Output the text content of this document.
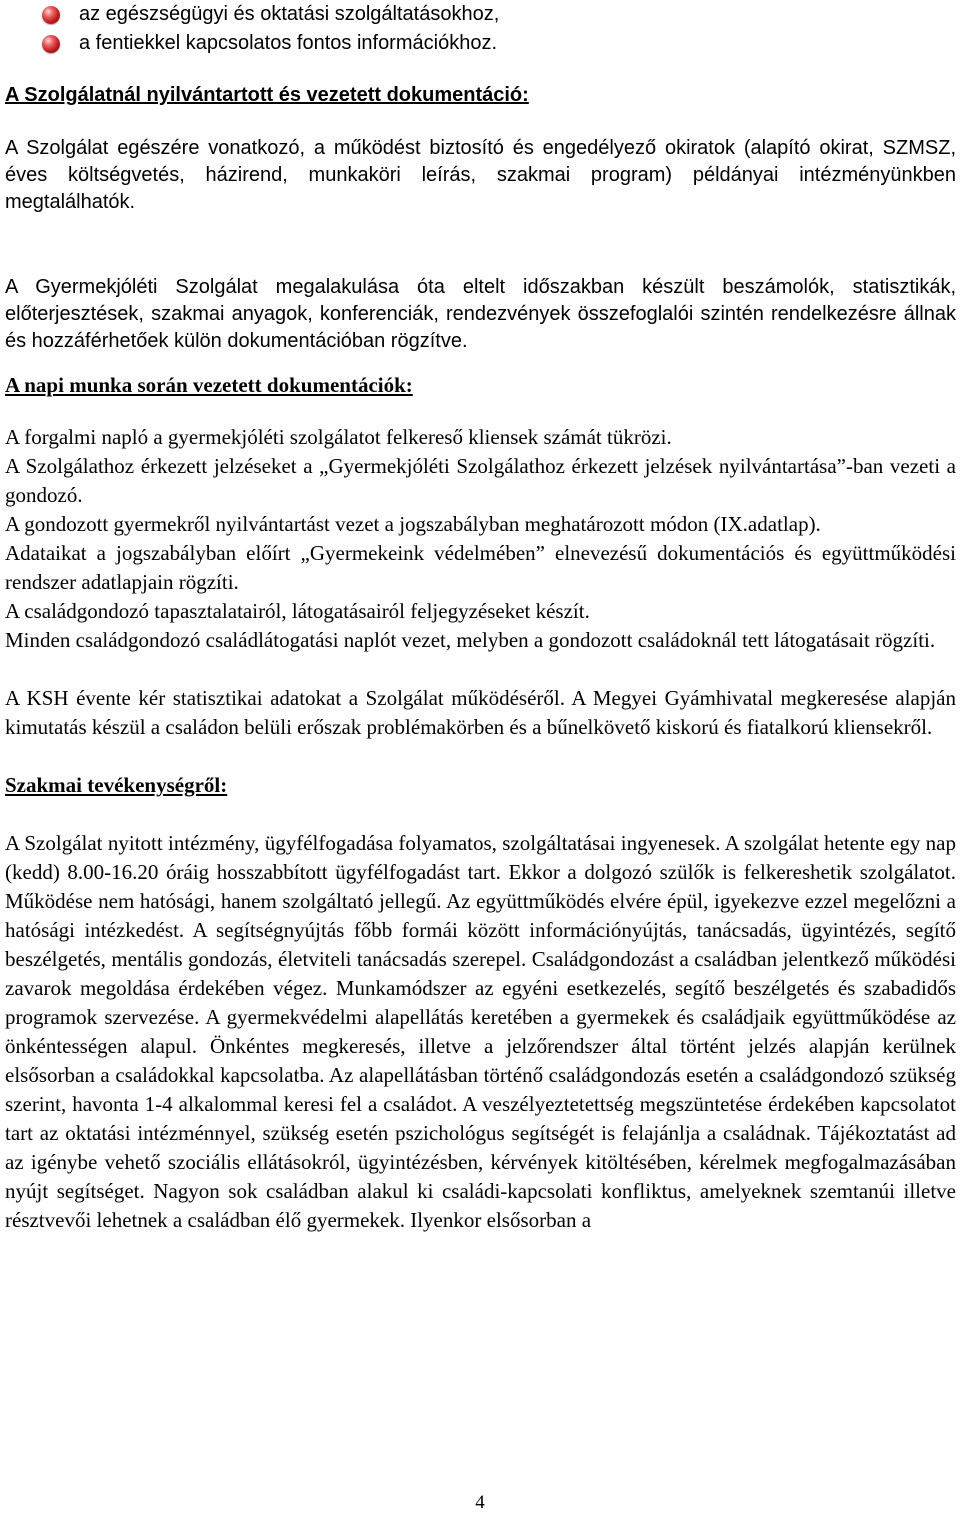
az egészségügyi és oktatási szolgáltatásokhoz,
a fentiekkel kapcsolatos fontos információkhoz.
A Szolgálatnál nyilvántartott és vezetett dokumentáció:

A Szolgálat egészére vonatkozó, a működést biztosító és engedélyező okiratok (alapító okirat, SZMSZ, éves költségvetés, házirend, munkaköri leírás, szakmai program) példányai intézményünkben megtalálhatók.

A Gyermekjóléti Szolgálat megalakulása óta eltelt időszakban készült beszámolók, statisztikák, előterjesztések, szakmai anyagok, konferenciák, rendezvények összefoglalói szintén rendelkezésre állnak és hozzáférhetőek külön dokumentációban rögzítve.

A napi munka során vezetett dokumentációk:

A forgalmi napló a gyermekjóléti szolgálatot felkereső kliensek számát tükrözi.

A Szolgálathoz érkezett jelzéseket a „Gyermekjóléti Szolgálathoz érkezett jelzések nyilvántartása”-ban vezeti a gondozó.

A gondozott gyermekről nyilvántartást vezet a jogszabályban meghatározott módon (IX.adatlap).

Adataikat a jogszabályban előírt „Gyermekeink védelmében” elnevezésű dokumentációs és együttműködési rendszer adatlapjain rögzíti.

A családgondozó tapasztalatairól, látogatásairól feljegyzéseket készít.

Minden családgondozó családlátogatási naplót vezet, melyben a gondozott családoknál tett látogatásait rögzíti.

A KSH évente kér statisztikai adatokat a Szolgálat működéséről. A Megyei Gyámhivatal megkeresése alapján kimutatás készül a családon belüli erőszak problémakörben és a bűnelkövető kiskorú és fiatalkorú kliensekről.

Szakmai tevékenységről:

A Szolgálat nyitott intézmény, ügyfélfogadása folyamatos, szolgáltatásai ingyenesek. A szolgálat hetente egy nap (kedd) 8.00-16.20 óráig hosszabbított ügyfélfogadást tart. Ekkor a dolgozó szülők is felkereshetik szolgálatot. Működése nem hatósági, hanem szolgáltató jellegű. Az együttműködés elvére épül, igyekezve ezzel megelőzni a hatósági intézkedést. A segítségnyújtás főbb formái között információnyújtás, tanácsadás, ügyintézés, segítő beszélgetés, mentális gondozás, életviteli tanácsadás szerepel. Családgondozást a családban jelentkező működési zavarok megoldása érdekében végez. Munkamódszer az egyéni esetkezelés, segítő beszélgetés és szabadidős programok szervezése. A gyermekvédelmi alapellátás keretében a gyermekek és családjaik együttműködése az önkéntességen alapul. Önkéntes megkeresés, illetve a jelzőrendszer által történt jelzés alapján kerülnek elsősorban a családokkal kapcsolatba. Az alapellátásban történő családgondozás esetén a családgondozó szükség szerint, havonta 1-4 alkalommal keresi fel a családot. A veszélyeztetettség megszüntetése érdekében kapcsolatot tart az oktatási intézménnyel, szükség esetén pszichológus segítségét is felajánlja a családnak. Tájékoztatást ad az igénybe vehető szociális ellátásokról, ügyintézésben, kérvények kitöltésében, kérelmek megfogalmazásában nyújt segítséget. Nagyon sok családban alakul ki családi-kapcsolati konfliktus, amelyeknek szemtanúi illetve résztvevői lehetnek a családban élő gyermekek. Ilyenkor elsősorban a

4
